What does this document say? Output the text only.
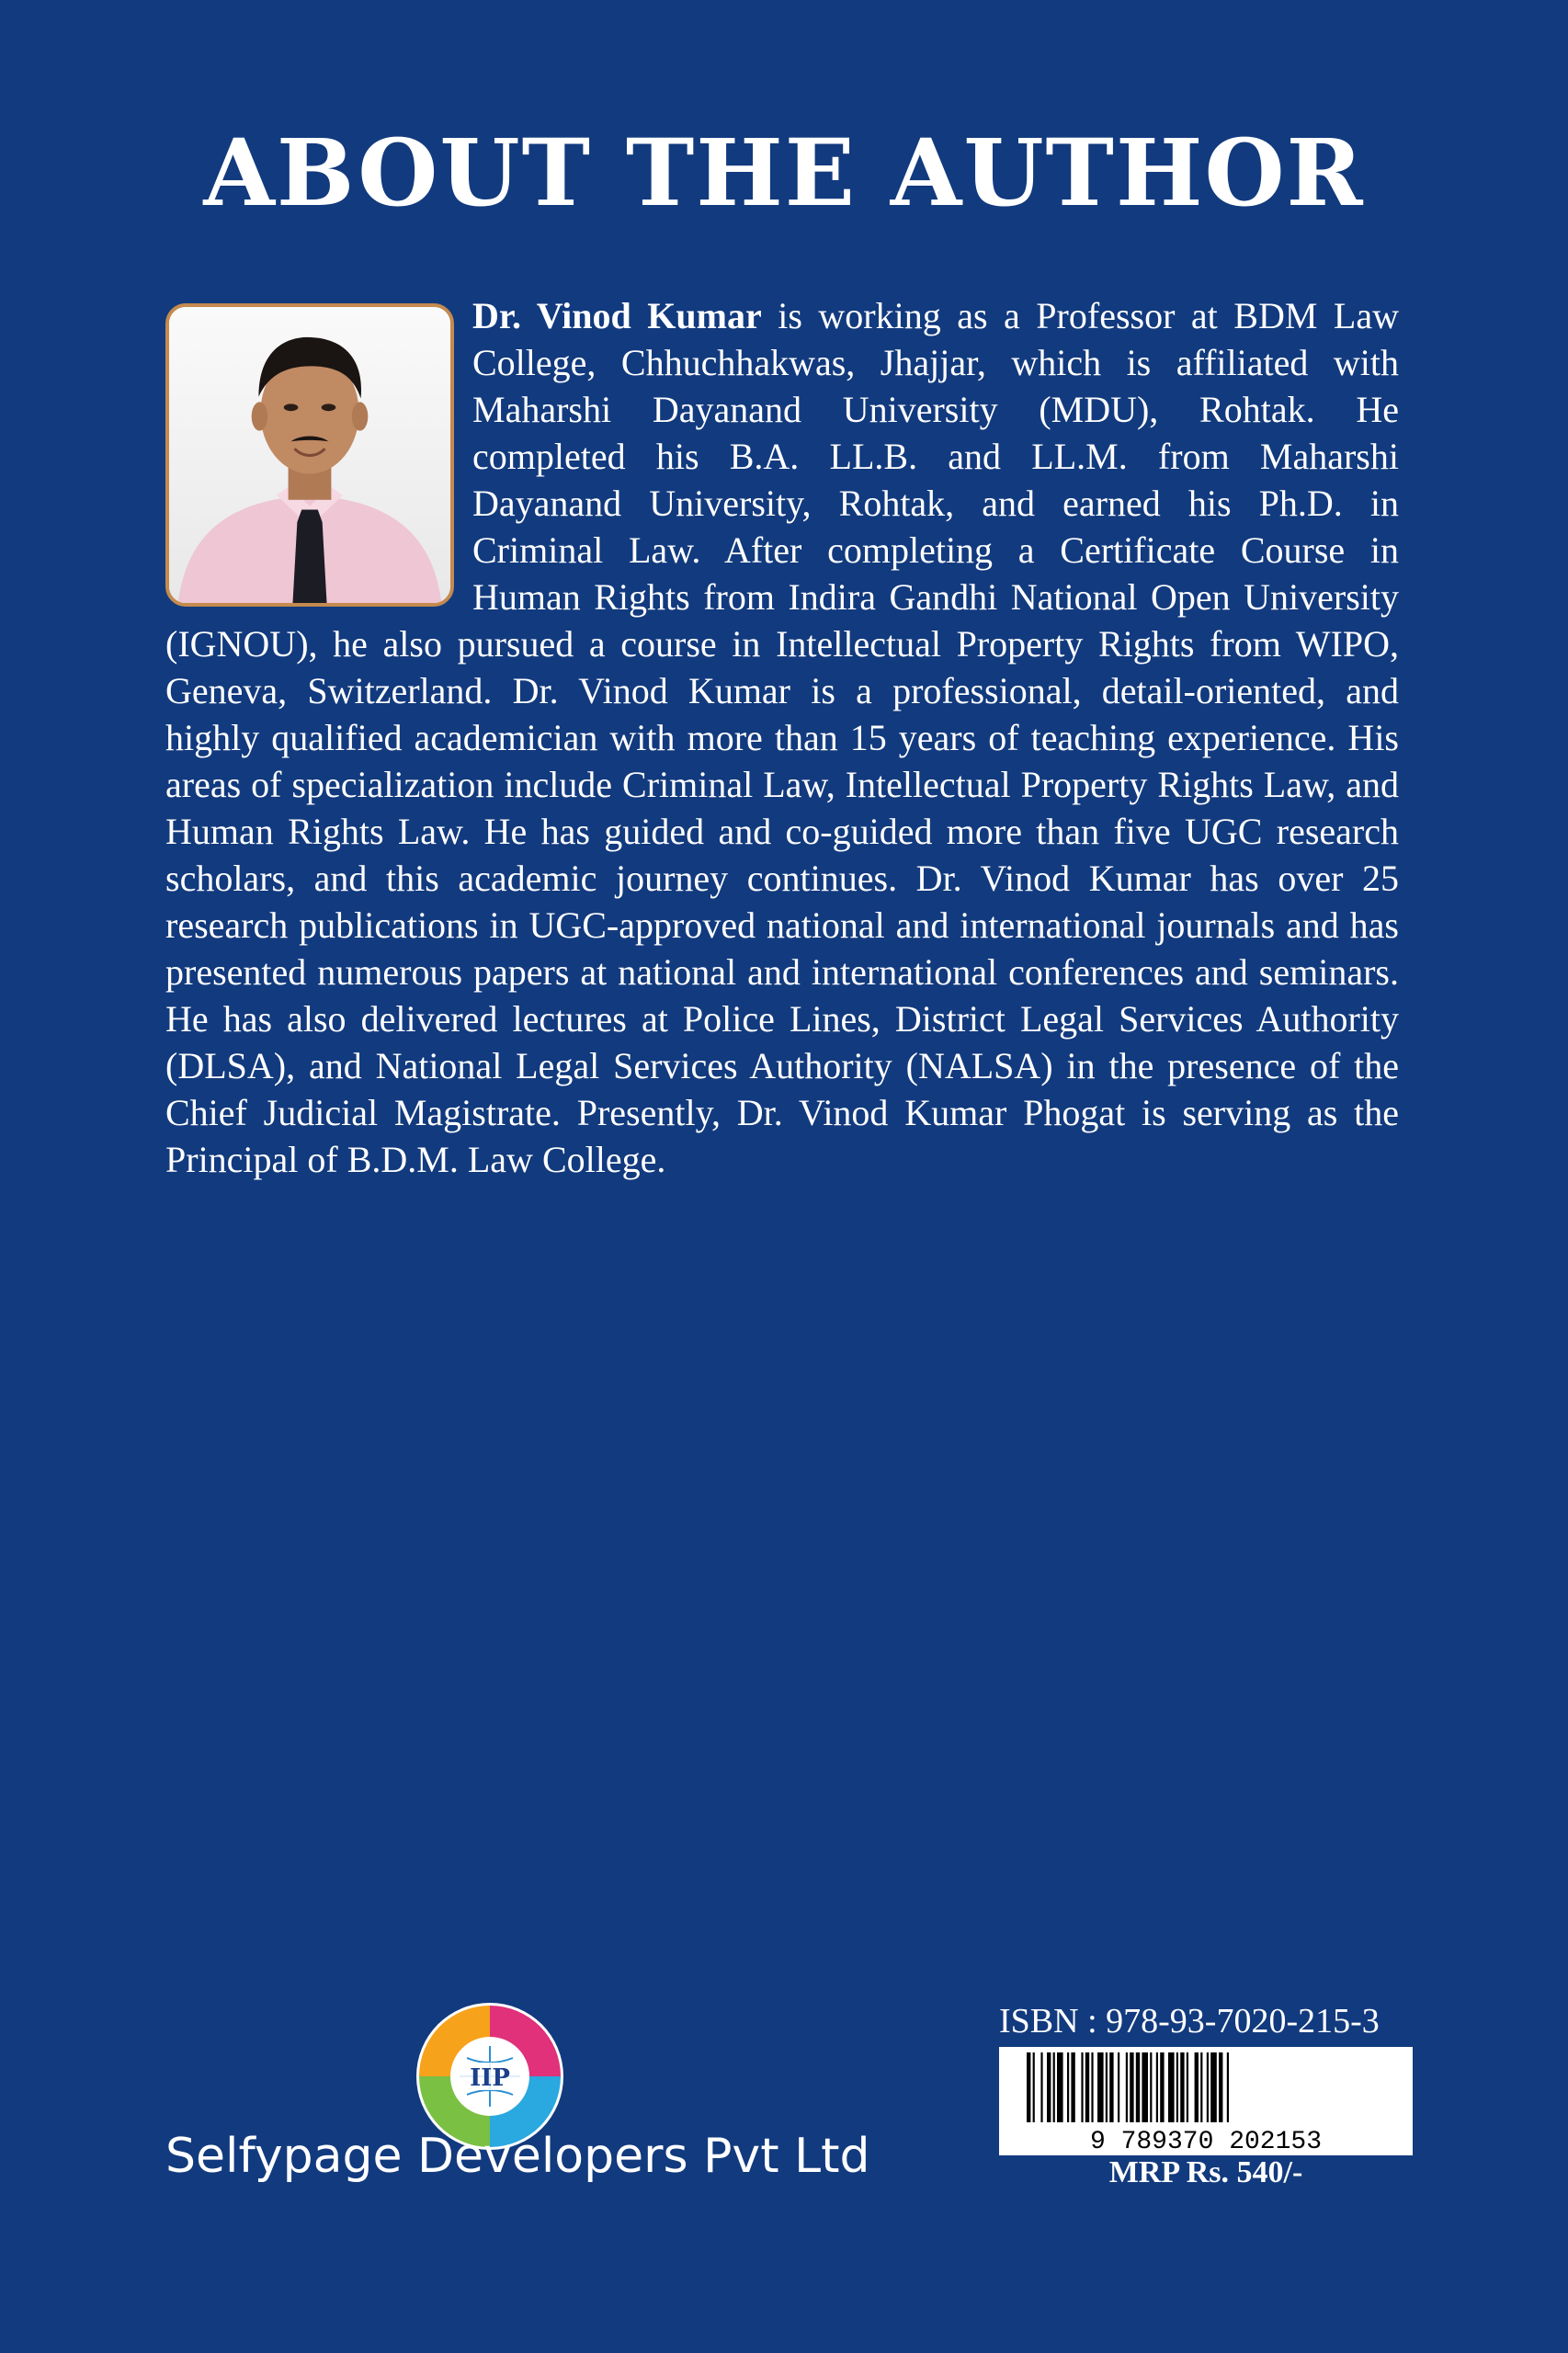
ABOUT THE AUTHOR
Dr. Vinod Kumar is working as a Professor at BDM Law College, Chhuchhakwas, Jhajjar, which is affiliated with Maharshi Dayanand University (MDU), Rohtak. He completed his B.A. LL.B. and LL.M. from Maharshi Dayanand University, Rohtak, and earned his Ph.D. in Criminal Law. After completing a Certificate Course in Human Rights from Indira Gandhi National Open University (IGNOU), he also pursued a course in Intellectual Property Rights from WIPO, Geneva, Switzerland. Dr. Vinod Kumar is a professional, detail-oriented, and highly qualified academician with more than 15 years of teaching experience. His areas of specialization include Criminal Law, Intellectual Property Rights Law, and Human Rights Law. He has guided and co-guided more than five UGC research scholars, and this academic journey continues. Dr. Vinod Kumar has over 25 research publications in UGC-approved national and international journals and has presented numerous papers at national and international conferences and seminars. He has also delivered lectures at Police Lines, District Legal Services Authority (DLSA), and National Legal Services Authority (NALSA) in the presence of the Chief Judicial Magistrate. Presently, Dr. Vinod Kumar Phogat is serving as the Principal of B.D.M. Law College.
IIP
Selfypage Developers Pvt Ltd
ISBN : 978-93-7020-215-3
9 789370 202153
MRP Rs. 540/-
